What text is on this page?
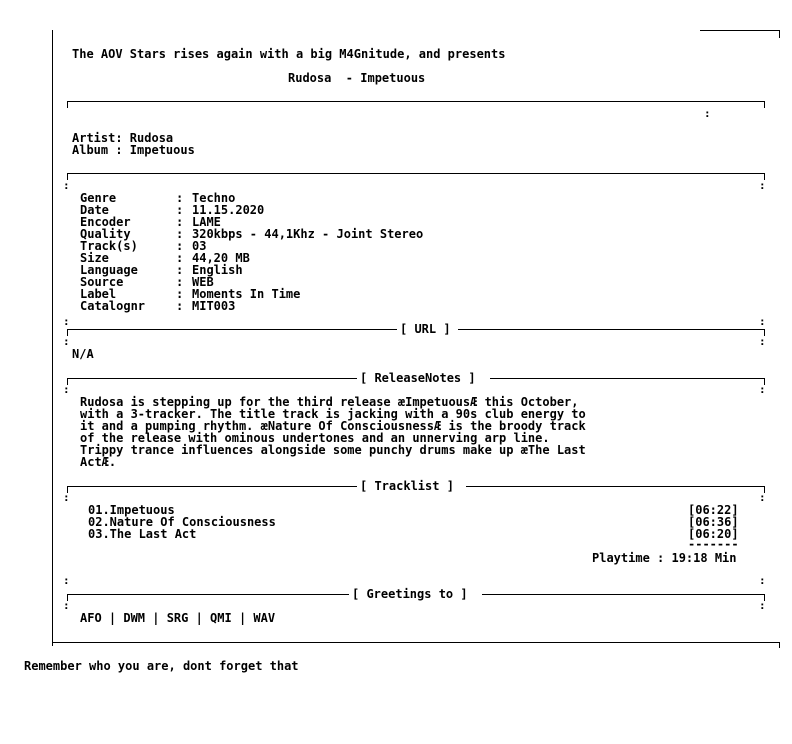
The AOV Stars rises again with a big M4Gnitude, and presents
Rudosa  - Impetuous
:
Artist: Rudosa
Album : Impetuous
:	:
Genre	: Techno
Date	: 11.15.2020
Encoder	: LAME
Quality	: 320kbps - 44,1Khz - Joint Stereo
Track(s)	: 03
Size	: 44,20 MB
Language	: English
Source	: WEB
Label	: Moments In Time
Catalognr	: MIT003
:	:
[ URL ]
:	:
N/A
[ ReleaseNotes ]
:	:
Rudosa is stepping up for the third release æImpetuousÆ this October,
with a 3-tracker. The title track is jacking with a 90s club energy to
it and a pumping rhythm. æNature Of ConsciousnessÆ is the broody track
of the release with ominous undertones and an unnerving arp line.
Trippy trance influences alongside some punchy drums make up æThe Last
ActÆ.
[ Tracklist ]
:	:
01.Impetuous	[06:22]
02.Nature Of Consciousness	[06:36]
03.The Last Act	[06:20]
-------
Playtime : 19:18 Min
:	:
[ Greetings to ]
:	:
AFO | DWM | SRG | QMI | WAV
Remember who you are, dont forget that
